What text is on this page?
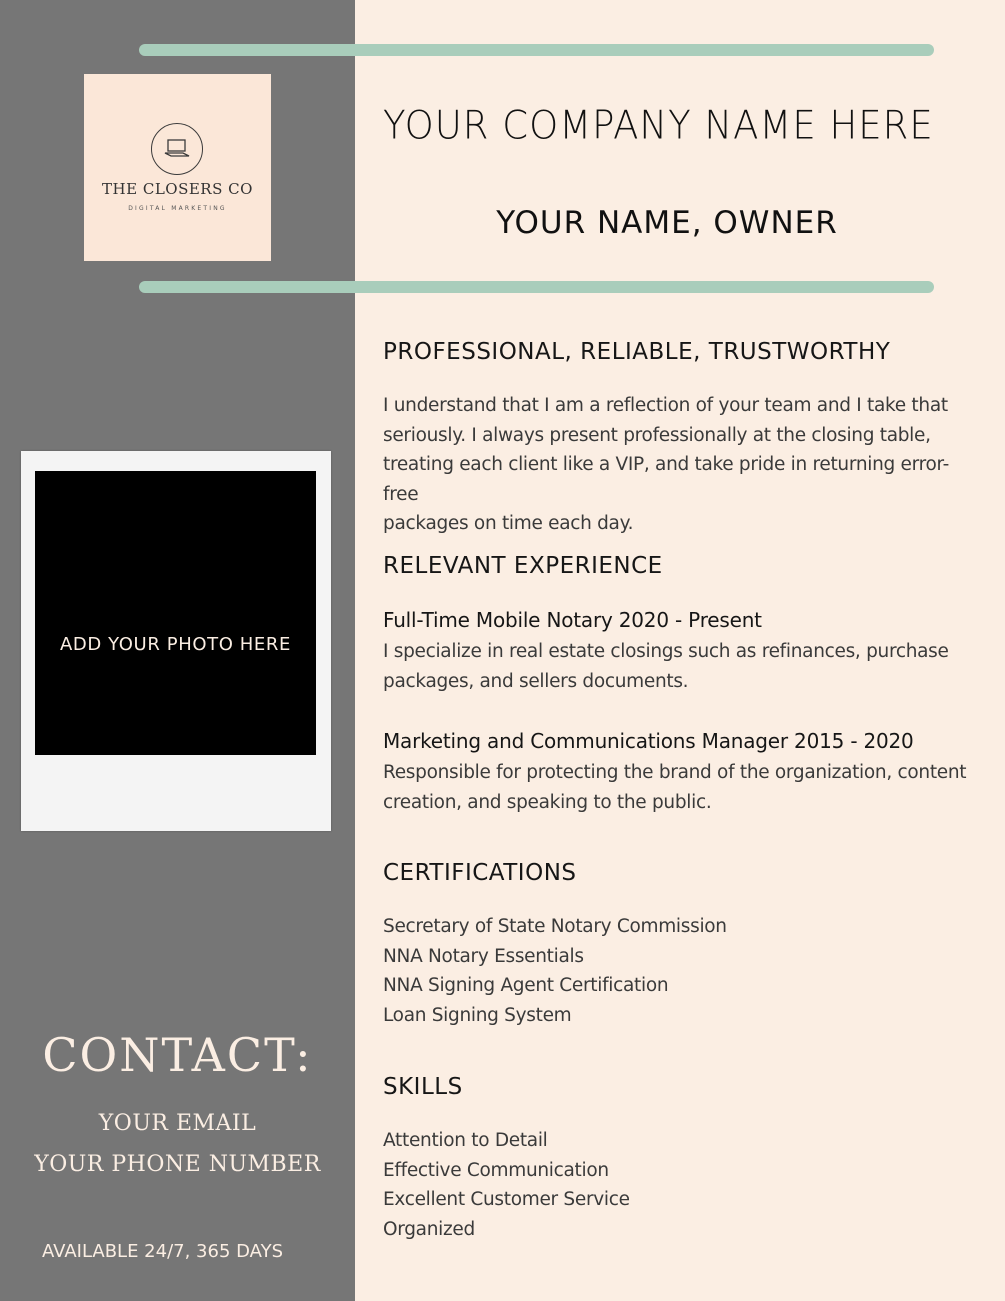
THE CLOSERS CO
DIGITAL MARKETING
YOUR COMPANY NAME HERE
YOUR NAME, OWNER
ADD YOUR PHOTO HERE
CONTACT:
YOUR EMAIL
YOUR PHONE NUMBER
AVAILABLE 24/7, 365 DAYS
PROFESSIONAL, RELIABLE, TRUSTWORTHY
I understand that I am a reflection of your team and I take that
seriously. I always present professionally at the closing table,
treating each client like a VIP, and take pride in returning error-free
packages on time each day.
RELEVANT EXPERIENCE
Full-Time Mobile Notary 2020 - Present
I specialize in real estate closings such as refinances, purchase
packages, and sellers documents.
Marketing and Communications Manager 2015 - 2020
Responsible for protecting the brand of the organization, content
creation, and speaking to the public.
CERTIFICATIONS
Secretary of State Notary Commission
NNA Notary Essentials
NNA Signing Agent Certification
Loan Signing System
SKILLS
Attention to Detail
Effective Communication
Excellent Customer Service
Organized
